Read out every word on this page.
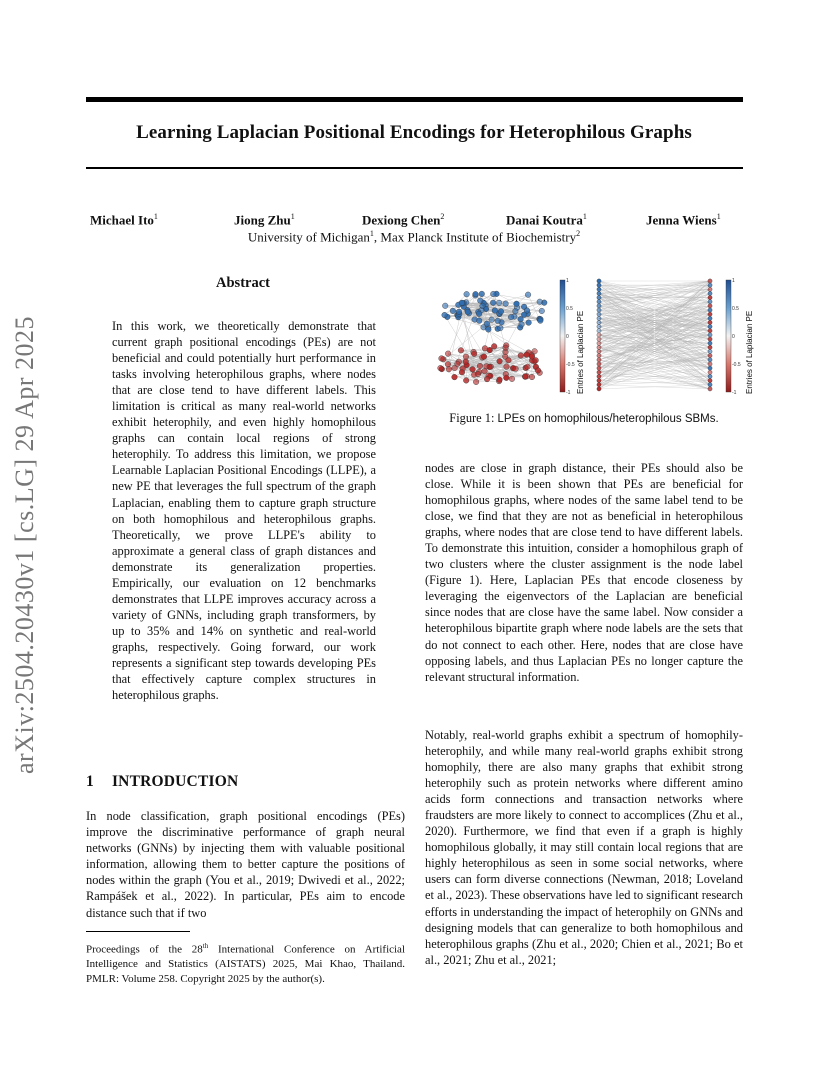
arXiv:2504.20430v1 [cs.LG] 29 Apr 2025
Learning Laplacian Positional Encodings for Heterophilous Graphs
Michael Ito$^1$	Jiong Zhu$^1$	Dexiong Chen$^2$	Danai Koutra$^1$	Jenna Wiens$^1$
University of Michigan$^1$, Max Planck Institute of Biochemistry$^2$
Abstract
In this work, we theoretically demonstrate that current graph positional encodings (PEs) are not beneficial and could potentially hurt performance in tasks involving heterophilous graphs, where nodes that are close tend to have different labels. This limitation is critical as many real-world networks exhibit heterophily, and even highly homophilous graphs can contain local regions of strong heterophily. To address this limitation, we propose Learnable Laplacian Positional Encodings (LLPE), a new PE that leverages the full spectrum of the graph Laplacian, enabling them to capture graph structure on both homophilous and heterophilous graphs. Theoretically, we prove LLPE's ability to approximate a general class of graph distances and demonstrate its generalization properties. Empirically, our evaluation on 12 benchmarks demonstrates that LLPE improves accuracy across a variety of GNNs, including graph transformers, by up to 35% and 14% on synthetic and real-world graphs, respectively. Going forward, our work represents a significant step towards developing PEs that effectively capture complex structures in heterophilous graphs.
1 INTRODUCTION
In node classification, graph positional encodings (PEs) improve the discriminative performance of graph neural networks (GNNs) by injecting them with valuable positional information, allowing them to better capture the positions of nodes within the graph (You et al., 2019; Dwivedi et al., 2022; Rampášek et al., 2022). In particular, PEs aim to encode distance such that if two
Proceedings of the 28th International Conference on Artificial Intelligence and Statistics (AISTATS) 2025, Mai Khao, Thailand. PMLR: Volume 258. Copyright 2025 by the author(s).
1
0.5
0
-0.5
-1 Entries of Laplacian PE
1
0.5
0
-0.5
-1 Entries of Laplacian PE
Figure 1: LPEs on homophilous/heterophilous SBMs.
nodes are close in graph distance, their PEs should also be close. While it is been shown that PEs are beneficial for homophilous graphs, where nodes of the same label tend to be close, we find that they are not as beneficial in heterophilous graphs, where nodes that are close tend to have different labels. To demonstrate this intuition, consider a homophilous graph of two clusters where the cluster assignment is the node label (Figure 1). Here, Laplacian PEs that encode closeness by leveraging the eigenvectors of the Laplacian are beneficial since nodes that are close have the same label. Now consider a heterophilous bipartite graph where node labels are the sets that do not connect to each other. Here, nodes that are close have opposing labels, and thus Laplacian PEs no longer capture the relevant structural information.
Notably, real-world graphs exhibit a spectrum of homophily-heterophily, and while many real-world graphs exhibit strong homophily, there are also many graphs that exhibit strong heterophily such as protein networks where different amino acids form connections and transaction networks where fraudsters are more likely to connect to accomplices (Zhu et al., 2020). Furthermore, we find that even if a graph is highly homophilous globally, it may still contain local regions that are highly heterophilous as seen in some social networks, where users can form diverse connections (Newman, 2018; Loveland et al., 2023). These observations have led to significant research efforts in understanding the impact of heterophily on GNNs and designing models that can generalize to both homophilous and heterophilous graphs (Zhu et al., 2020; Chien et al., 2021; Bo et al., 2021; Zhu et al., 2021;
